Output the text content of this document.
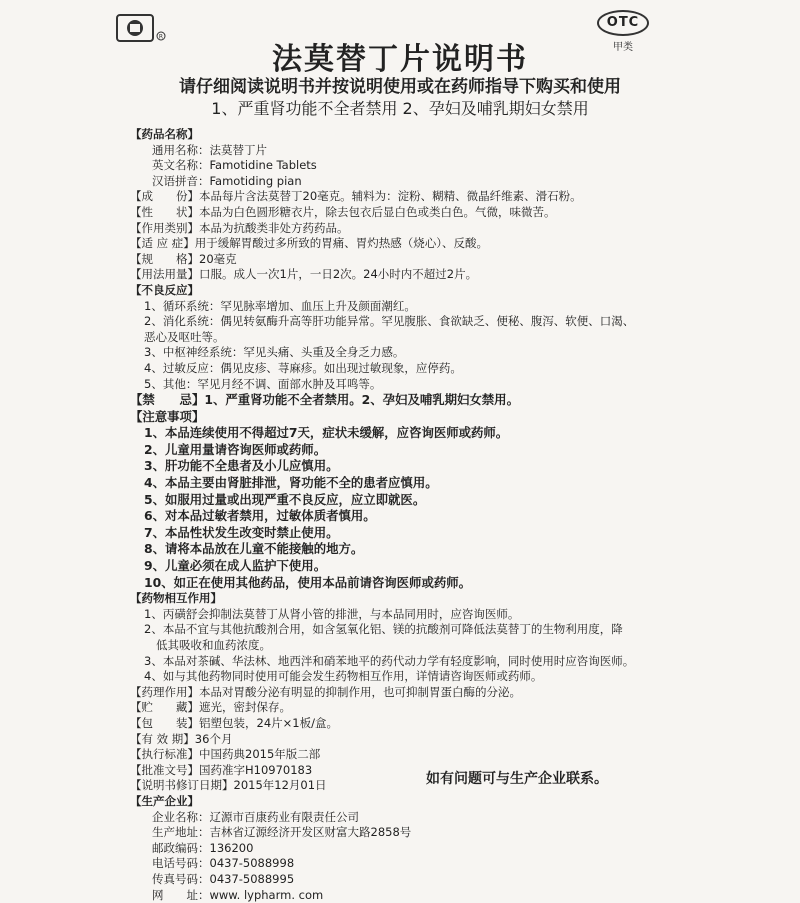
R
OTC
甲类
法莫替丁片说明书
请仔细阅读说明书并按说明使用或在药师指导下购买和使用
1、严重肾功能不全者禁用 2、孕妇及哺乳期妇女禁用
【药品名称】
通用名称：法莫替丁片
英文名称：Famotidine Tablets
汉语拼音：Famotiding pian
【成　　份】本品每片含法莫替丁20毫克。辅料为：淀粉、糊精、微晶纤维素、滑石粉。
【性　　状】本品为白色圆形糖衣片，除去包衣后显白色或类白色。气微，味微苦。
【作用类别】本品为抗酸类非处方药药品。
【适 应 症】用于缓解胃酸过多所致的胃痛、胃灼热感（烧心）、反酸。
【规　　格】20毫克
【用法用量】口服。成人一次1片，一日2次。24小时内不超过2片。
【不良反应】
1、循环系统：罕见脉率增加、血压上升及颜面潮红。
2、消化系统：偶见转氨酶升高等肝功能异常。罕见腹胀、食欲缺乏、便秘、腹泻、软便、口渴、
恶心及呕吐等。
3、中枢神经系统：罕见头痛、头重及全身乏力感。
4、过敏反应：偶见皮疹、荨麻疹。如出现过敏现象，应停药。
5、其他：罕见月经不调、面部水肿及耳鸣等。
【禁　　忌】1、严重肾功能不全者禁用。2、孕妇及哺乳期妇女禁用。
【注意事项】
1、本品连续使用不得超过7天，症状未缓解，应咨询医师或药师。
2、儿童用量请咨询医师或药师。
3、肝功能不全患者及小儿应慎用。
4、本品主要由肾脏排泄，肾功能不全的患者应慎用。
5、如服用过量或出现严重不良反应，应立即就医。
6、对本品过敏者禁用，过敏体质者慎用。
7、本品性状发生改变时禁止使用。
8、请将本品放在儿童不能接触的地方。
9、儿童必须在成人监护下使用。
10、如正在使用其他药品，使用本品前请咨询医师或药师。
【药物相互作用】
1、丙磺舒会抑制法莫替丁从肾小管的排泄，与本品同用时，应咨询医师。
2、本品不宜与其他抗酸剂合用，如含氢氧化铝、镁的抗酸剂可降低法莫替丁的生物利用度，降
低其吸收和血药浓度。
3、本品对茶碱、华法林、地西泮和硝苯地平的药代动力学有轻度影响，同时使用时应咨询医师。
4、如与其他药物同时使用可能会发生药物相互作用，详情请咨询医师或药师。
【药理作用】本品对胃酸分泌有明显的抑制作用，也可抑制胃蛋白酶的分泌。
【贮　　藏】遮光，密封保存。
【包　　装】铝塑包装，24片×1板/盒。
【有 效 期】36个月
【执行标准】中国药典2015年版二部
【批准文号】国药准字H10970183
【说明书修订日期】2015年12月01日
【生产企业】
企业名称：辽源市百康药业有限责任公司
生产地址：吉林省辽源经济开发区财富大路2858号
邮政编码：136200
电话号码：0437-5088998
传真号码：0437-5088995
网　　址：www. lypharm. com
如有问题可与生产企业联系。
